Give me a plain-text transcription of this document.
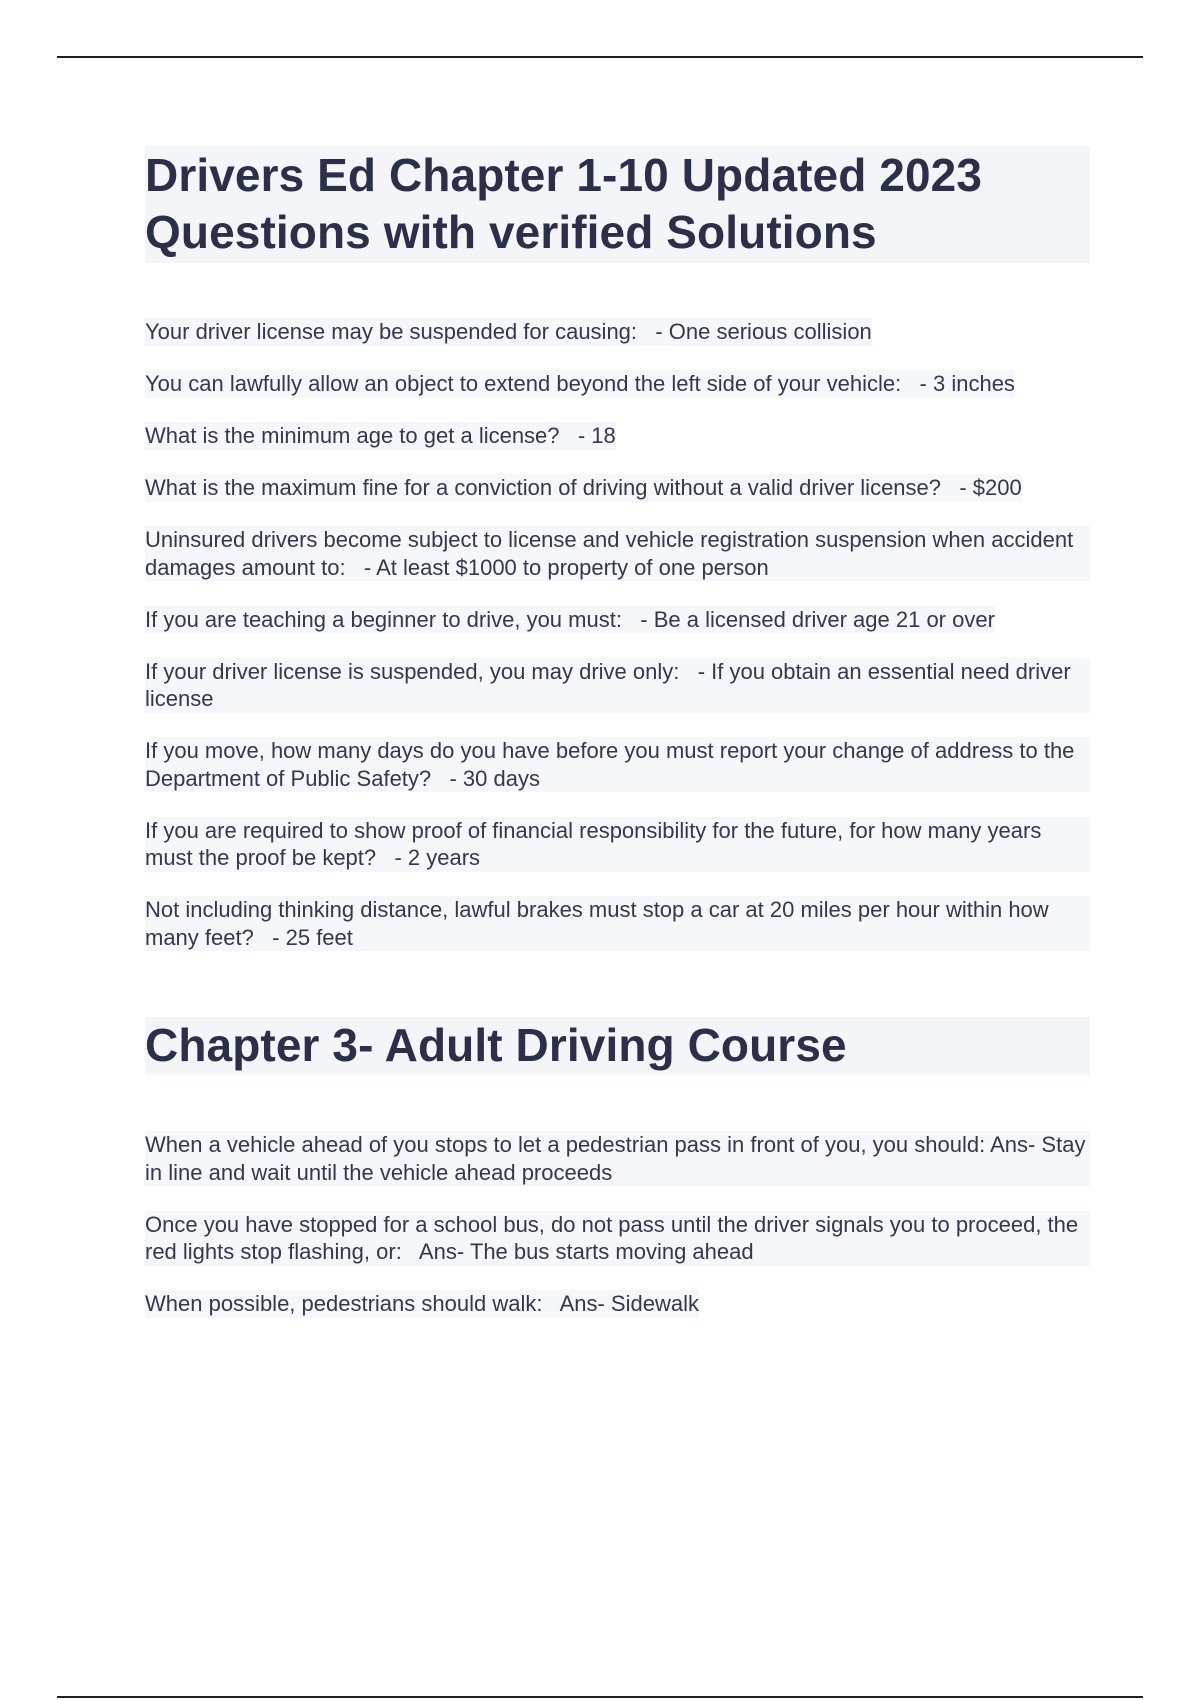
Drivers Ed Chapter 1-10 Updated 2023 Questions with verified Solutions
Your driver license may be suspended for causing:   - One serious collision
You can lawfully allow an object to extend beyond the left side of your vehicle:   - 3 inches
What is the minimum age to get a license?   - 18
What is the maximum fine for a conviction of driving without a valid driver license?   - $200
Uninsured drivers become subject to license and vehicle registration suspension when accident damages amount to:   - At least $1000 to property of one person
If you are teaching a beginner to drive, you must:   - Be a licensed driver age 21 or over
If your driver license is suspended, you may drive only:   - If you obtain an essential need driver license
If you move, how many days do you have before you must report your change of address to the Department of Public Safety?   - 30 days
If you are required to show proof of financial responsibility for the future, for how many years must the proof be kept?   - 2 years
Not including thinking distance, lawful brakes must stop a car at 20 miles per hour within how many feet?   - 25 feet
Chapter 3- Adult Driving Course
When a vehicle ahead of you stops to let a pedestrian pass in front of you, you should: Ans- Stay in line and wait until the vehicle ahead proceeds
Once you have stopped for a school bus, do not pass until the driver signals you to proceed, the red lights stop flashing, or:   Ans- The bus starts moving ahead
When possible, pedestrians should walk:   Ans- Sidewalk
